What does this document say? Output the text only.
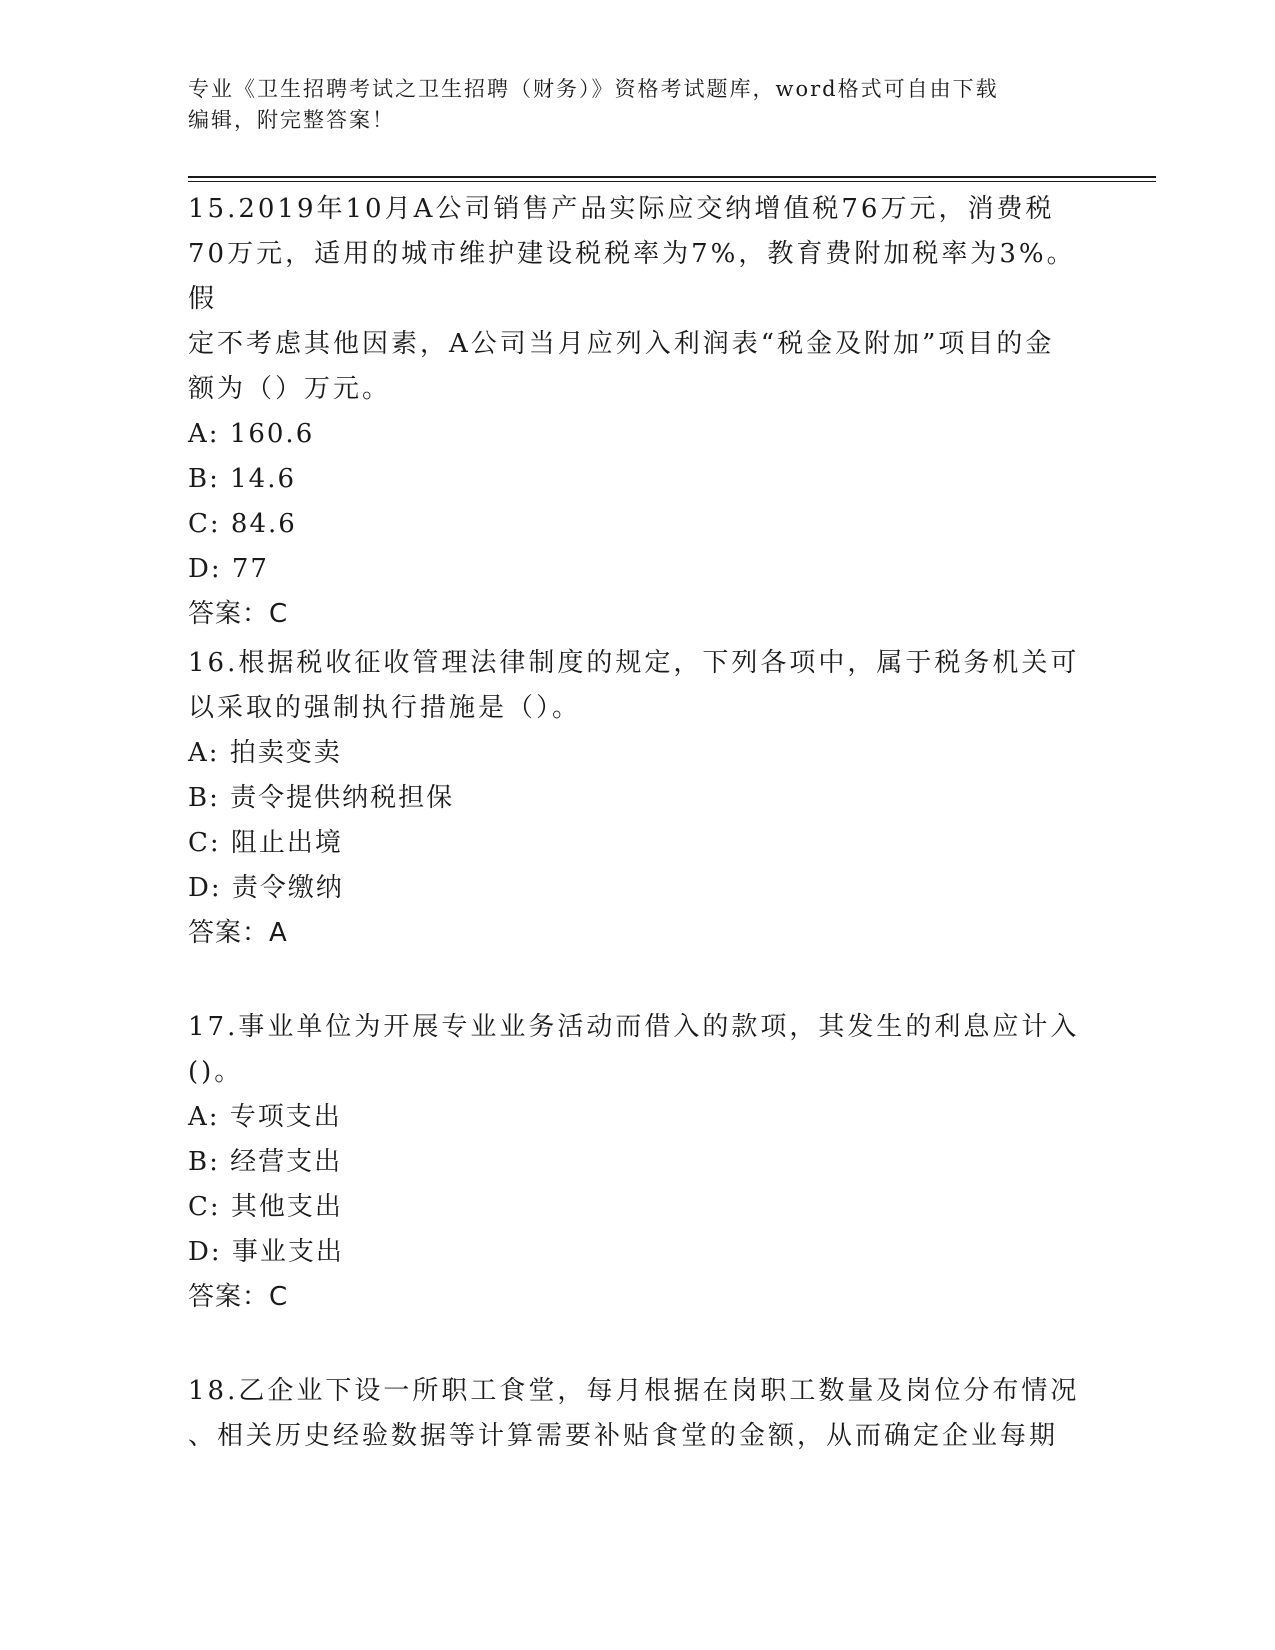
专业《卫生招聘考试之卫生招聘（财务）》资格考试题库，word格式可自由下载
编辑，附完整答案！
15.2019年10月A公司销售产品实际应交纳增值税76万元，消费税
70万元，适用的城市维护建设税税率为7%，教育费附加税率为3%。假
定不考虑其他因素，A公司当月应列入利润表“税金及附加”项目的金
额为（）万元。
A: 160.6
B: 14.6
C: 84.6
D: 77
答案：C
16.根据税收征收管理法律制度的规定，下列各项中，属于税务机关可
以采取的强制执行措施是（）。
A: 拍卖变卖
B: 责令提供纳税担保
C: 阻止出境
D: 责令缴纳
答案：A
17.事业单位为开展专业业务活动而借入的款项，其发生的利息应计入
()。
A: 专项支出
B: 经营支出
C: 其他支出
D: 事业支出
答案：C
18.乙企业下设一所职工食堂，每月根据在岗职工数量及岗位分布情况
、相关历史经验数据等计算需要补贴食堂的金额，从而确定企业每期
